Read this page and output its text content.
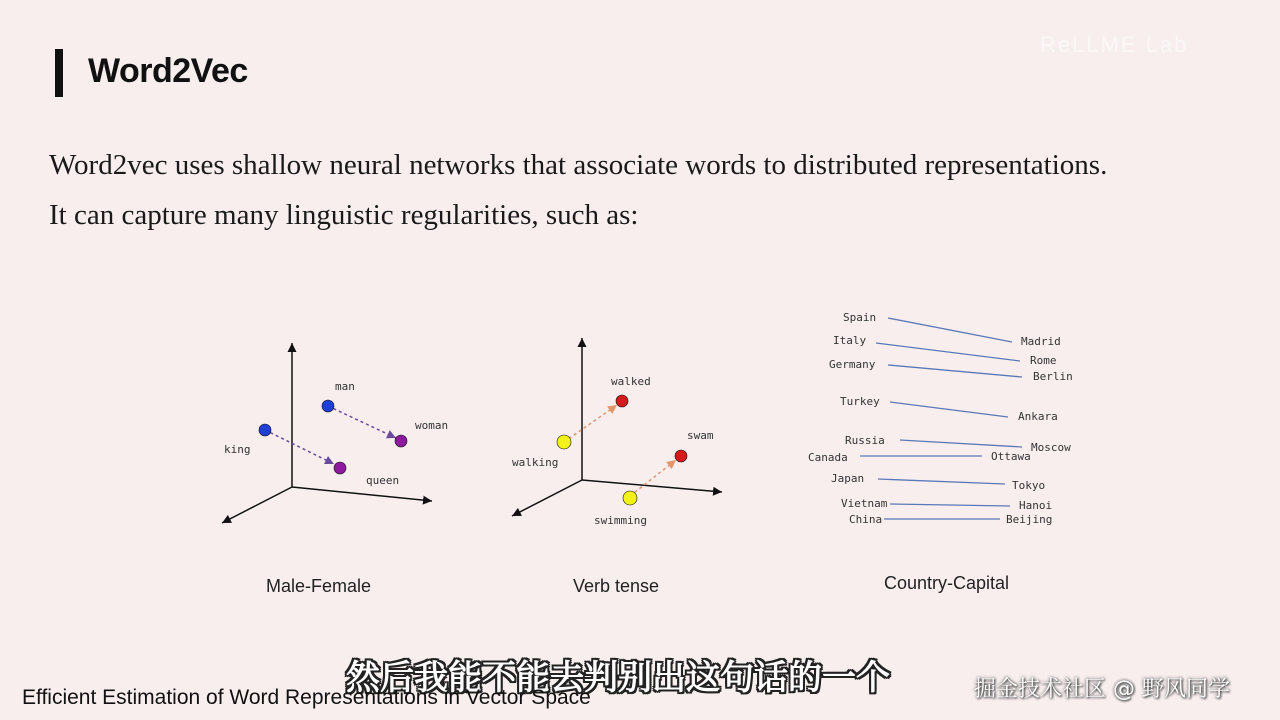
Word2Vec
ReLLME Lab
Word2vec uses shallow neural networks that associate words to distributed representations.
It can capture many linguistic regularities, such as:
man
woman
king
queen
Male-Female
walked
walking
swam
swimming
Verb tense
Spain
Madrid
Italy
Rome
Germany
Berlin
Turkey
Ankara
Russia
Moscow
Canada	Ottawa
Japan
Tokyo
Vietnam	Hanoi
China	Beijing
Country-Capital
然后我能不能去判别出这句话的一个
Efficient Estimation of Word Representations in Vector Space	掘金技术社区 @ 野风同学
